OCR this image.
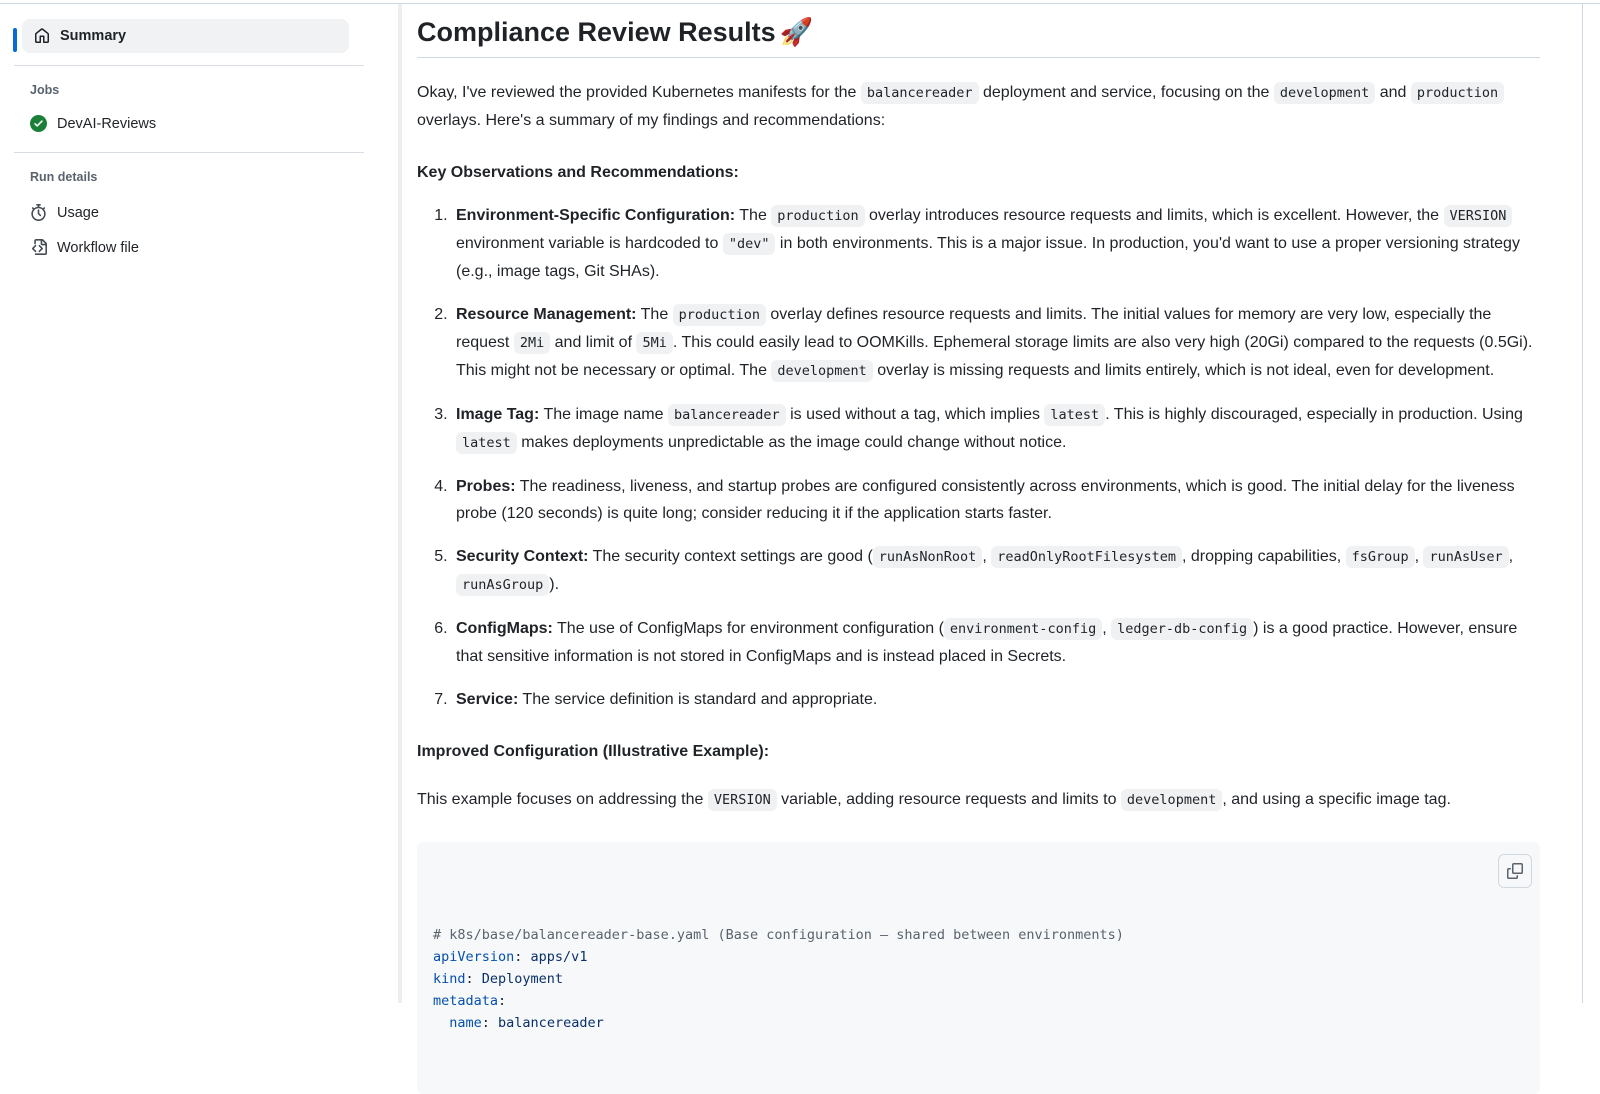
Summary
Jobs
DevAI-Reviews
Run details
Usage
Workflow file
Compliance Review Results 🚀

Okay, I've reviewed the provided Kubernetes manifests for the balancereader deployment and service, focusing on the development and production overlays. Here's a summary of my findings and recommendations:

Key Observations and Recommendations:

1. Environment-Specific Configuration: The production overlay introduces resource requests and limits, which is excellent. However, the VERSION environment variable is hardcoded to "dev" in both environments. This is a major issue. In production, you'd want to use a proper versioning strategy (e.g., image tags, Git SHAs).
2. Resource Management: The production overlay defines resource requests and limits. The initial values for memory are very low, especially the request 2Mi and limit of 5Mi . This could easily lead to OOMKills. Ephemeral storage limits are also very high (20Gi) compared to the requests (0.5Gi). This might not be necessary or optimal. The development overlay is missing requests and limits entirely, which is not ideal, even for development.
3. Image Tag: The image name balancereader is used without a tag, which implies latest . This is highly discouraged, especially in production. Using latest makes deployments unpredictable as the image could change without notice.
4. Probes: The readiness, liveness, and startup probes are configured consistently across environments, which is good. The initial delay for the liveness probe (120 seconds) is quite long; consider reducing it if the application starts faster.
5. Security Context: The security context settings are good ( runAsNonRoot , readOnlyRootFilesystem , dropping capabilities, fsGroup , runAsUser , runAsGroup ).
6. ConfigMaps: The use of ConfigMaps for environment configuration ( environment-config , ledger-db-config ) is a good practice. However, ensure that sensitive information is not stored in ConfigMaps and is instead placed in Secrets.
7. Service: The service definition is standard and appropriate.

Improved Configuration (Illustrative Example):

This example focuses on addressing the VERSION variable, adding resource requests and limits to development , and using a specific image tag.

# k8s/base/balancereader-base.yaml (Base configuration — shared between environments)
apiVersion: apps/v1
kind: Deployment
metadata:
name: balancereader
